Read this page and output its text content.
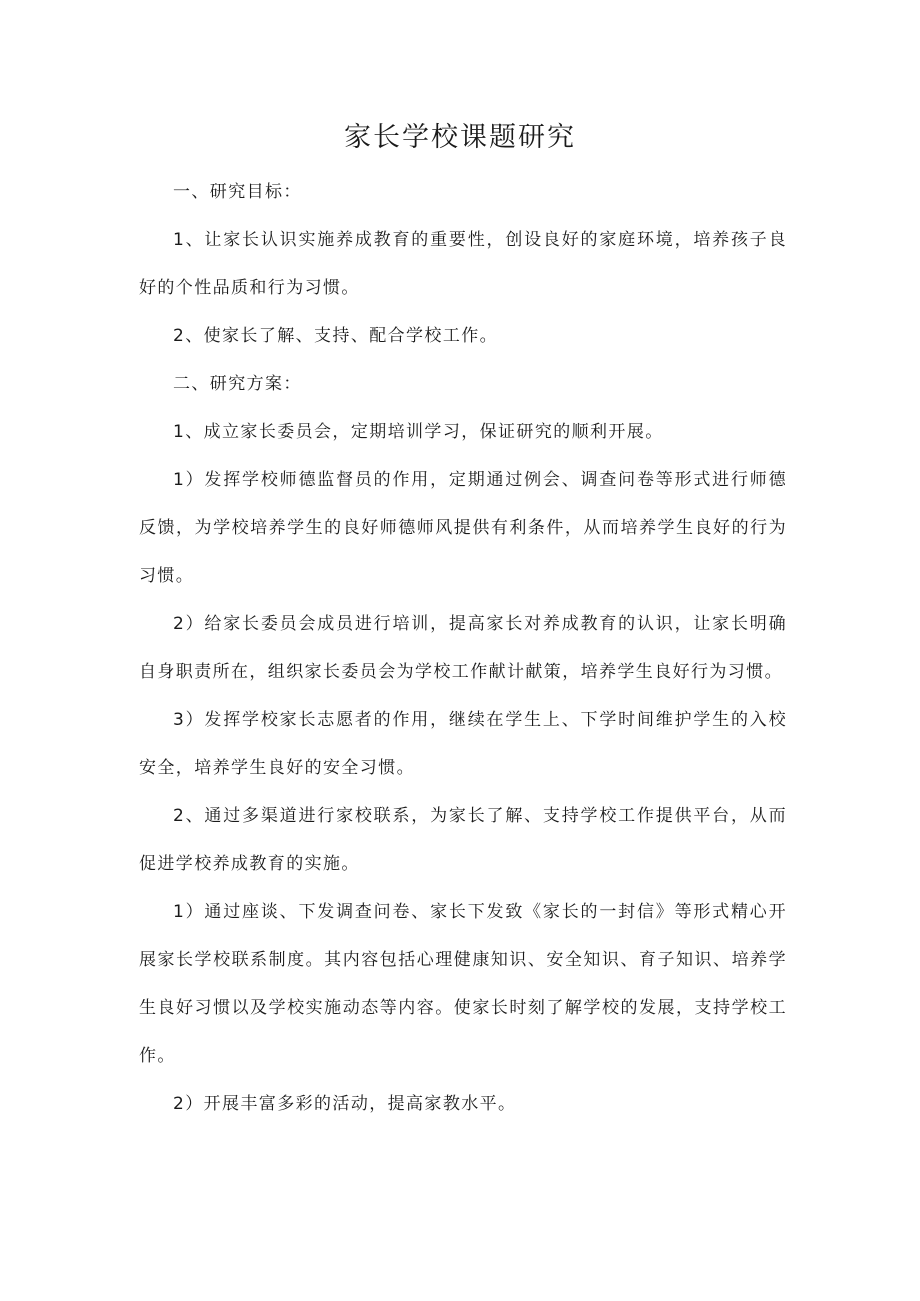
家长学校课题研究

一、研究目标：

1、让家长认识实施养成教育的重要性，创设良好的家庭环境，培养孩子良好的个性品质和行为习惯。

2、使家长了解、支持、配合学校工作。

二、研究方案：

1、成立家长委员会，定期培训学习，保证研究的顺利开展。

1）发挥学校师德监督员的作用，定期通过例会、调查问卷等形式进行师德反馈，为学校培养学生的良好师德师风提供有利条件，从而培养学生良好的行为习惯。

2）给家长委员会成员进行培训，提高家长对养成教育的认识，让家长明确自身职责所在，组织家长委员会为学校工作献计献策，培养学生良好行为习惯。

3）发挥学校家长志愿者的作用，继续在学生上、下学时间维护学生的入校安全，培养学生良好的安全习惯。

2、通过多渠道进行家校联系，为家长了解、支持学校工作提供平台，从而促进学校养成教育的实施。

1）通过座谈、下发调查问卷、家长下发致《家长的一封信》等形式精心开展家长学校联系制度。其内容包括心理健康知识、安全知识、育子知识、培养学生良好习惯以及学校实施动态等内容。使家长时刻了解学校的发展，支持学校工作。

2）开展丰富多彩的活动，提高家教水平。
